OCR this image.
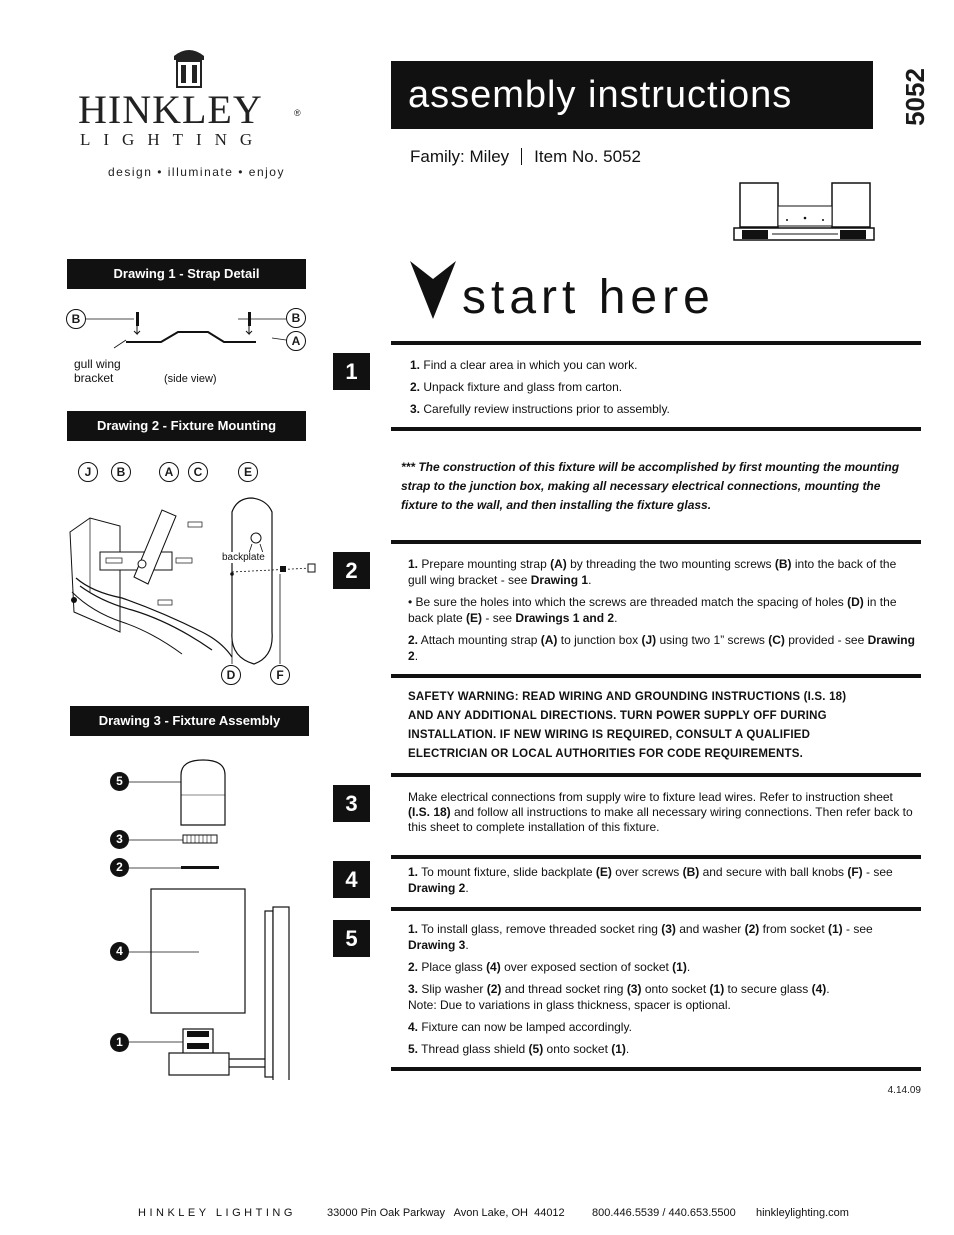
HINKLEY	®
LIGHTING
design • illuminate • enjoy
assembly instructions	5052
Family: Miley Item No. 5052
start here
Drawing 1 - Strap Detail
B	B
A
gull wing
bracket	(side view)
Drawing 2 - Fixture Mounting
J	B	A	C	E
backplate
D	F
Drawing 3 - Fixture Assembly
5
3
2
4
1
1	1. Find a clear area in which you can work.

2. Unpack fixture and glass from carton.

3. Carefully review instructions prior to assembly.

*** The construction of this fixture will be accomplished by first mounting the mounting strap to the junction box, making all necessary electrical connections, mounting the fixture to the wall, and then installing the fixture glass.
2	1. Prepare mounting strap (A) by threading the two mounting screws (B) into the back of the gull wing bracket - see Drawing 1.

• Be sure the holes into which the screws are threaded match the spacing of holes (D) in the back plate (E) - see Drawings 1 and 2.

2. Attach mounting strap (A) to junction box (J) using two 1” screws (C) provided - see Drawing 2.

SAFETY WARNING: READ WIRING AND GROUNDING INSTRUCTIONS (I.S. 18)
AND ANY ADDITIONAL DIRECTIONS. TURN POWER SUPPLY OFF DURING
INSTALLATION. IF NEW WIRING IS REQUIRED, CONSULT A QUALIFIED
ELECTRICIAN OR LOCAL AUTHORITIES FOR CODE REQUIREMENTS.
3	Make electrical connections from supply wire to fixture lead wires. Refer to instruction sheet (I.S. 18) and follow all instructions to make all necessary wiring connections. Then refer back to this sheet to complete installation of this fixture.
4	1. To mount fixture, slide backplate (E) over screws (B) and secure with ball knobs (F) - see Drawing 2.
5	1. To install glass, remove threaded socket ring (3) and washer (2) from socket (1) - see Drawing 3.

2. Place glass (4) over exposed section of socket (1).

3. Slip washer (2) and thread socket ring (3) onto socket (1) to secure glass (4).
Note: Due to variations in glass thickness, spacer is optional.

4. Fixture can now be lamped accordingly.

5. Thread glass shield (5) onto socket (1).

4.14.09
HINKLEY LIGHTING	33000 Pin Oak Parkway   Avon Lake, OH  44012 800.446.5539 / 440.653.5500 hinkleylighting.com
